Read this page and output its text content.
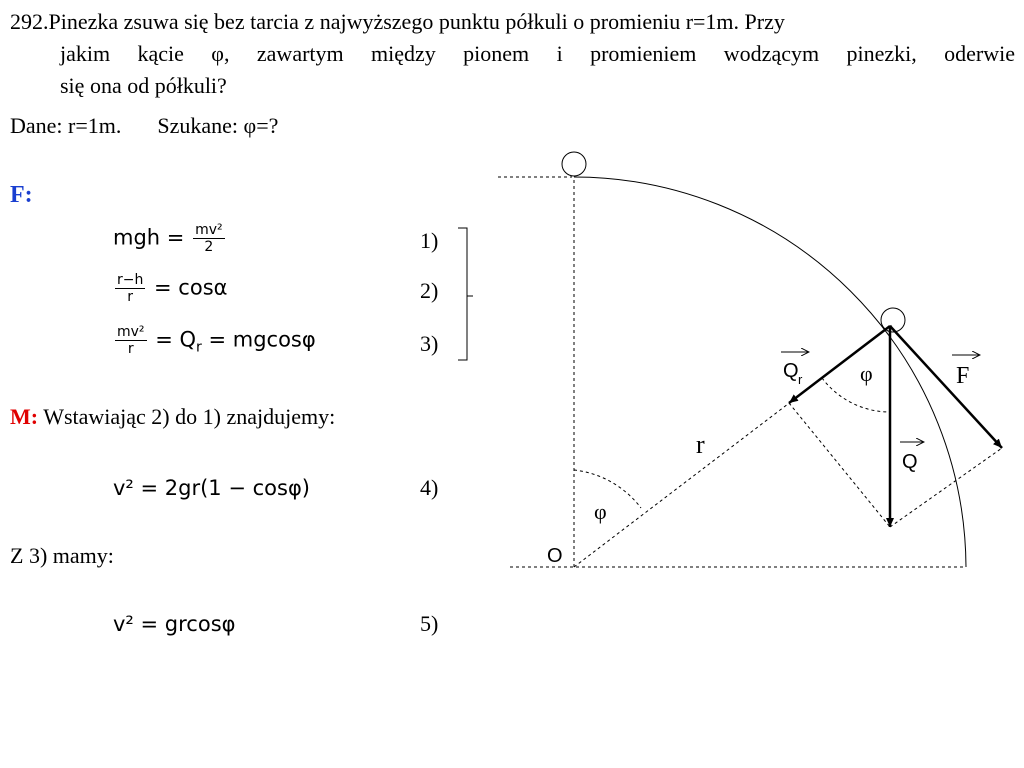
292.Pinezka zsuwa się bez tarcia z najwyższego punktu półkuli o promieniu r=1m. Przy
jakim kącie φ, zawartym między pionem i promieniem wodzącym pinezki, oderwie
się ona od półkuli?
Dane: r=1m. Szukane: φ=?
F:
mgh = $\frac{\text{mv²}}{2}$	1)
$\frac{r-h}{r} = \cos\alpha$	2)
$\frac{\text{mv²}}{r} = Q_r = mgcos\varphi$	3)
M: Wstawiając 2) do 1) znajdujemy:
v² = 2gr(1 − cosφ)	4)
Z 3) mamy:
v² = grcosφ	5)
Q r	φ	F
r
Q
φ
O
